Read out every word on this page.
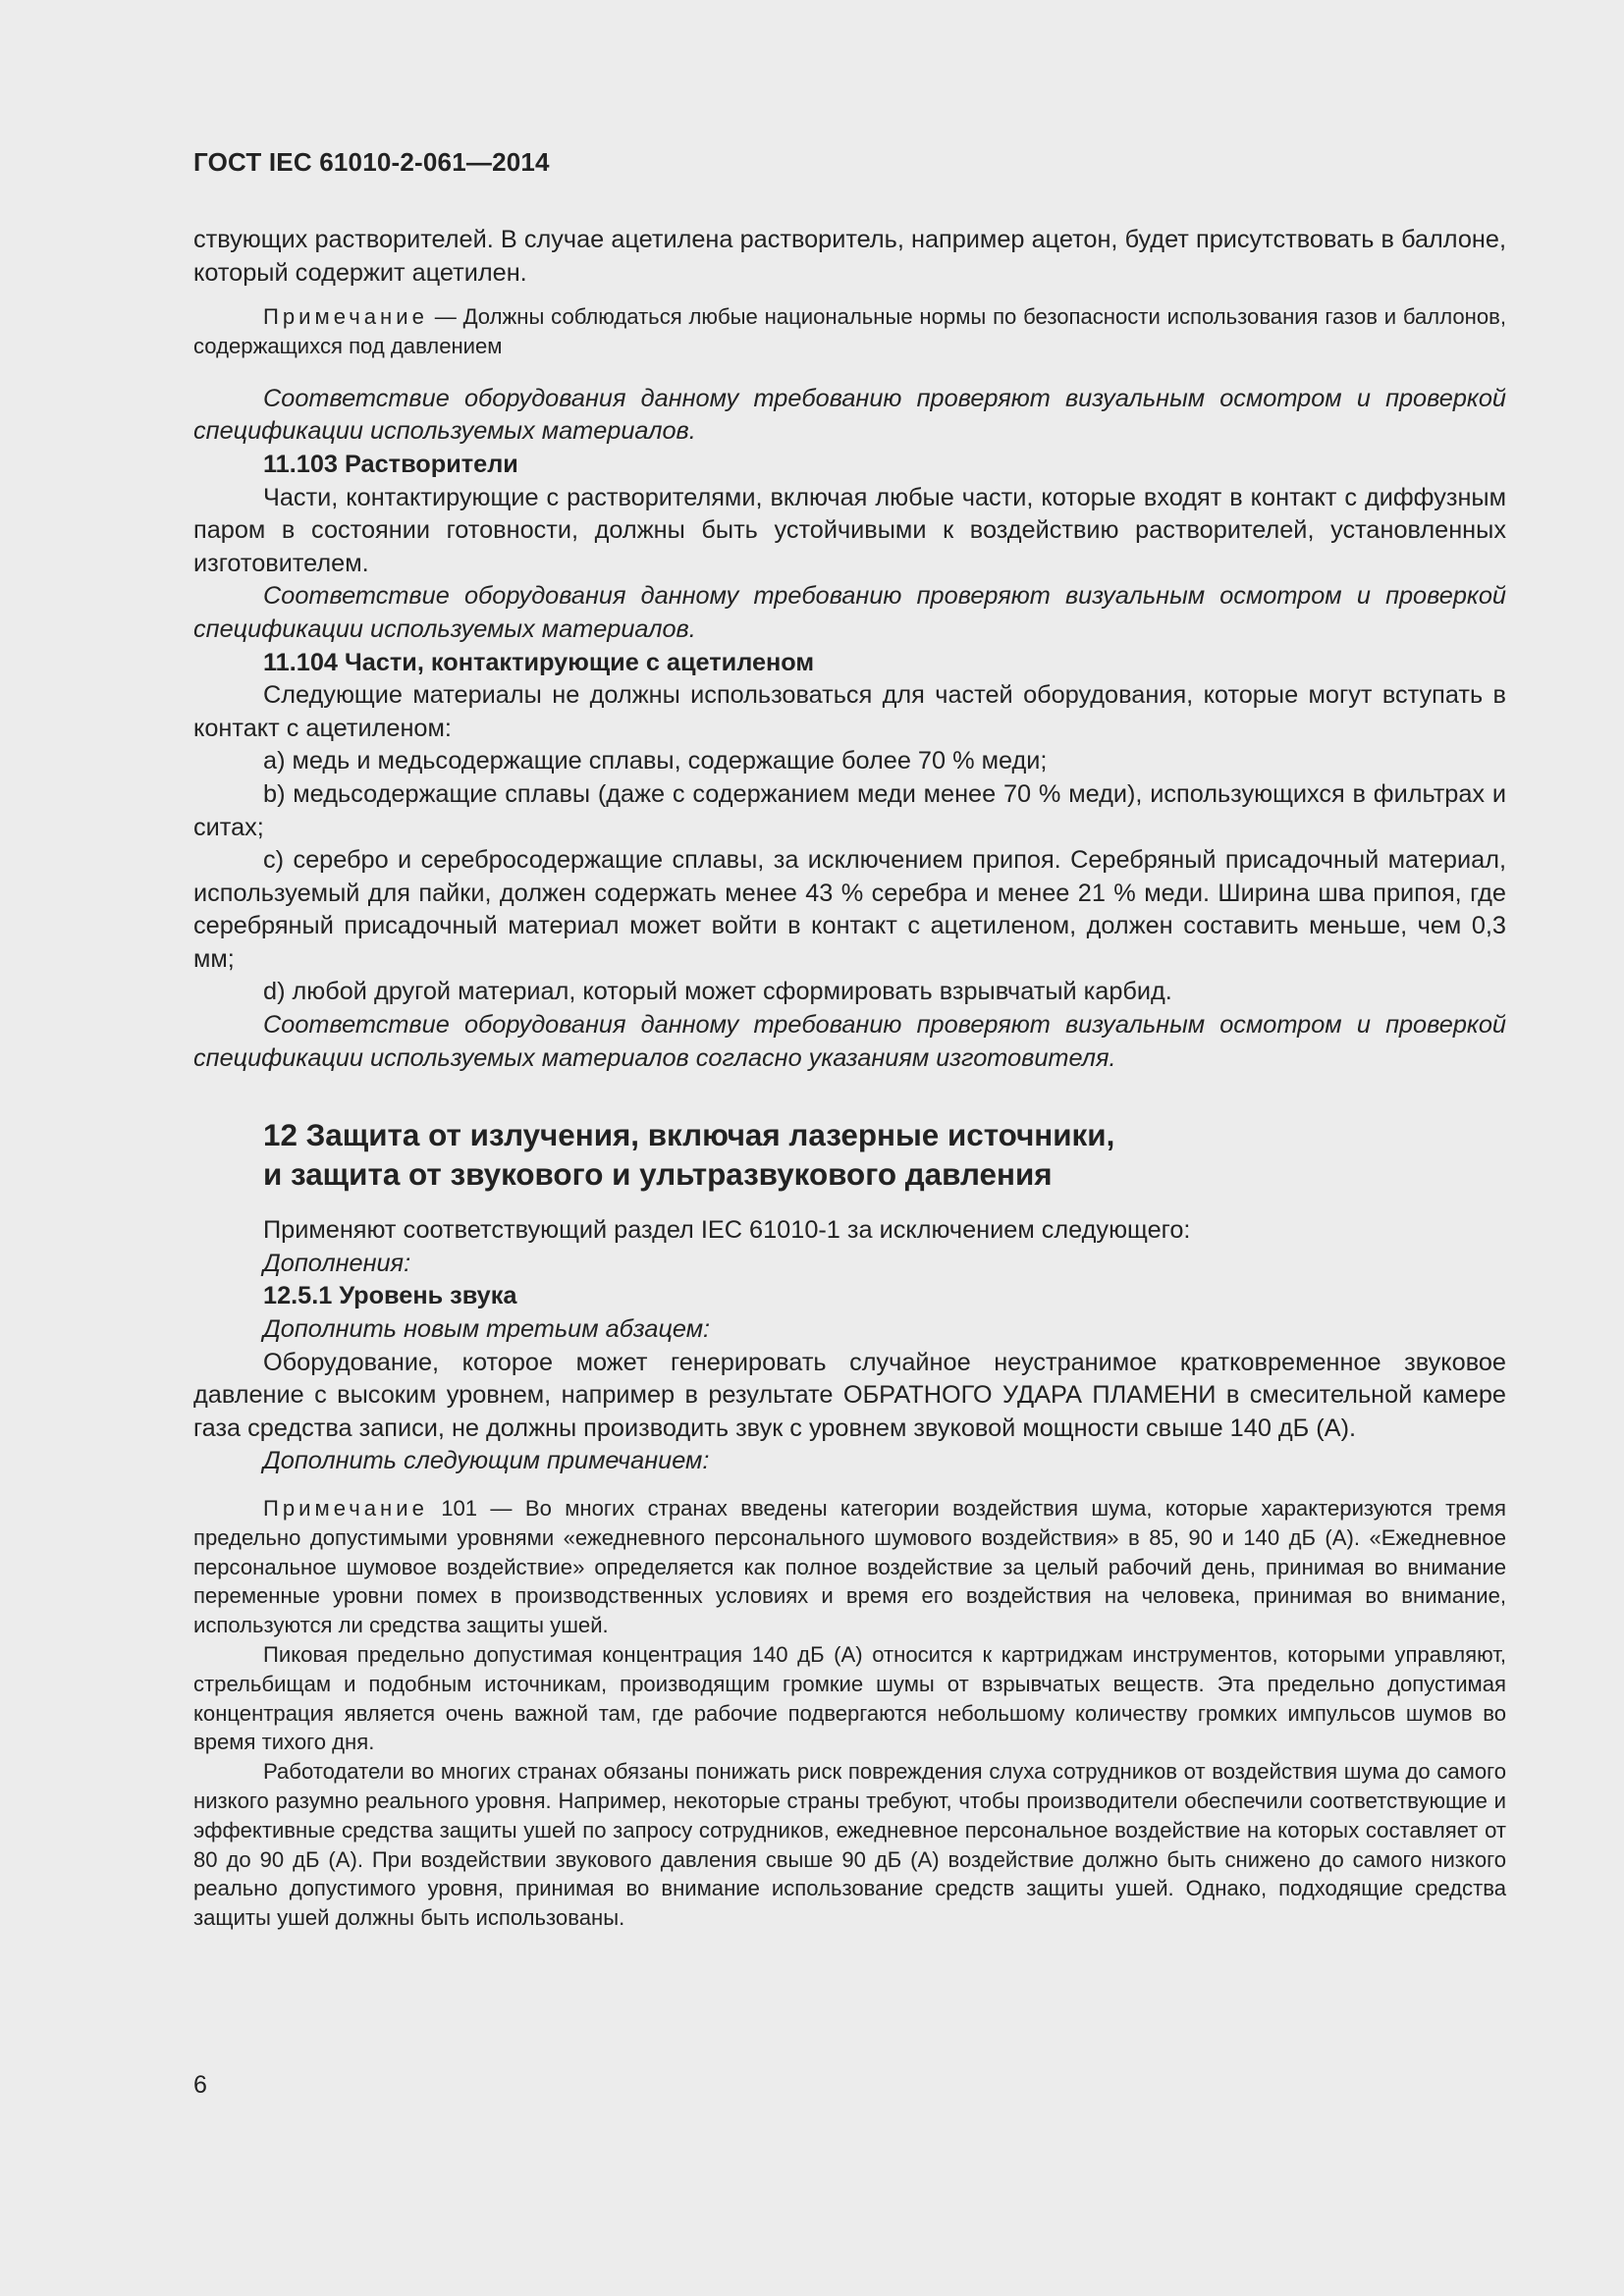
ГОСТ IEC 61010-2-061—2014

ствующих растворителей. В случае ацетилена растворитель, например ацетон, будет присутствовать в баллоне, который содержит ацетилен.

Примечание — Должны соблюдаться любые национальные нормы по безопасности использования газов и баллонов, содержащихся под давлением

Соответствие оборудования данному требованию проверяют визуальным осмотром и проверкой спецификации используемых материалов.

11.103 Растворители

Части, контактирующие с растворителями, включая любые части, которые входят в контакт с диффузным паром в состоянии готовности, должны быть устойчивыми к воздействию растворителей, установленных изготовителем.

Соответствие оборудования данному требованию проверяют визуальным осмотром и проверкой спецификации используемых материалов.

11.104 Части, контактирующие с ацетиленом

Следующие материалы не должны использоваться для частей оборудования, которые могут вступать в контакт с ацетиленом:

a) медь и медьсодержащие сплавы, содержащие более 70 % меди;

b) медьсодержащие сплавы (даже с содержанием меди менее 70 % меди), использующихся в фильтрах и ситах;

c) серебро и серебросодержащие сплавы, за исключением припоя. Серебряный присадочный материал, используемый для пайки, должен содержать менее 43 % серебра и менее 21 % меди. Ширина шва припоя, где серебряный присадочный материал может войти в контакт с ацетиленом, должен составить меньше, чем 0,3 мм;

d) любой другой материал, который может сформировать взрывчатый карбид.

Соответствие оборудования данному требованию проверяют визуальным осмотром и проверкой спецификации используемых материалов согласно указаниям изготовителя.

12 Защита от излучения, включая лазерные источники,

и защита от звукового и ультразвукового давления

Применяют соответствующий раздел IEC 61010-1 за исключением следующего:

Дополнения:

12.5.1 Уровень звука

Дополнить новым третьим абзацем:

Оборудование, которое может генерировать случайное неустранимое кратковременное звуковое давление с высоким уровнем, например в результате ОБРАТНОГО УДАРА ПЛАМЕНИ в смесительной камере газа средства записи, не должны производить звук с уровнем звуковой мощности свыше 140 дБ (А).

Дополнить следующим примечанием:

Примечание 101 — Во многих странах введены категории воздействия шума, которые характеризуются тремя предельно допустимыми уровнями «ежедневного персонального шумового воздействия» в 85, 90 и 140 дБ (А). «Ежедневное персональное шумовое воздействие» определяется как полное воздействие за целый рабочий день, принимая во внимание переменные уровни помех в производственных условиях и время его воздействия на человека, принимая во внимание, используются ли средства защиты ушей.

Пиковая предельно допустимая концентрация 140 дБ (А) относится к картриджам инструментов, которыми управляют, стрельбищам и подобным источникам, производящим громкие шумы от взрывчатых веществ. Эта предельно допустимая концентрация является очень важной там, где рабочие подвергаются небольшому количеству громких импульсов шумов во время тихого дня.

Работодатели во многих странах обязаны понижать риск повреждения слуха сотрудников от воздействия шума до самого низкого разумно реального уровня. Например, некоторые страны требуют, чтобы производители обеспечили соответствующие и эффективные средства защиты ушей по запросу сотрудников, ежедневное персональное воздействие на которых составляет от 80 до 90 дБ (А). При воздействии звукового давления свыше 90 дБ (А) воздействие должно быть снижено до самого низкого реально допустимого уровня, принимая во внимание использование средств защиты ушей. Однако, подходящие средства защиты ушей должны быть использованы.

6
